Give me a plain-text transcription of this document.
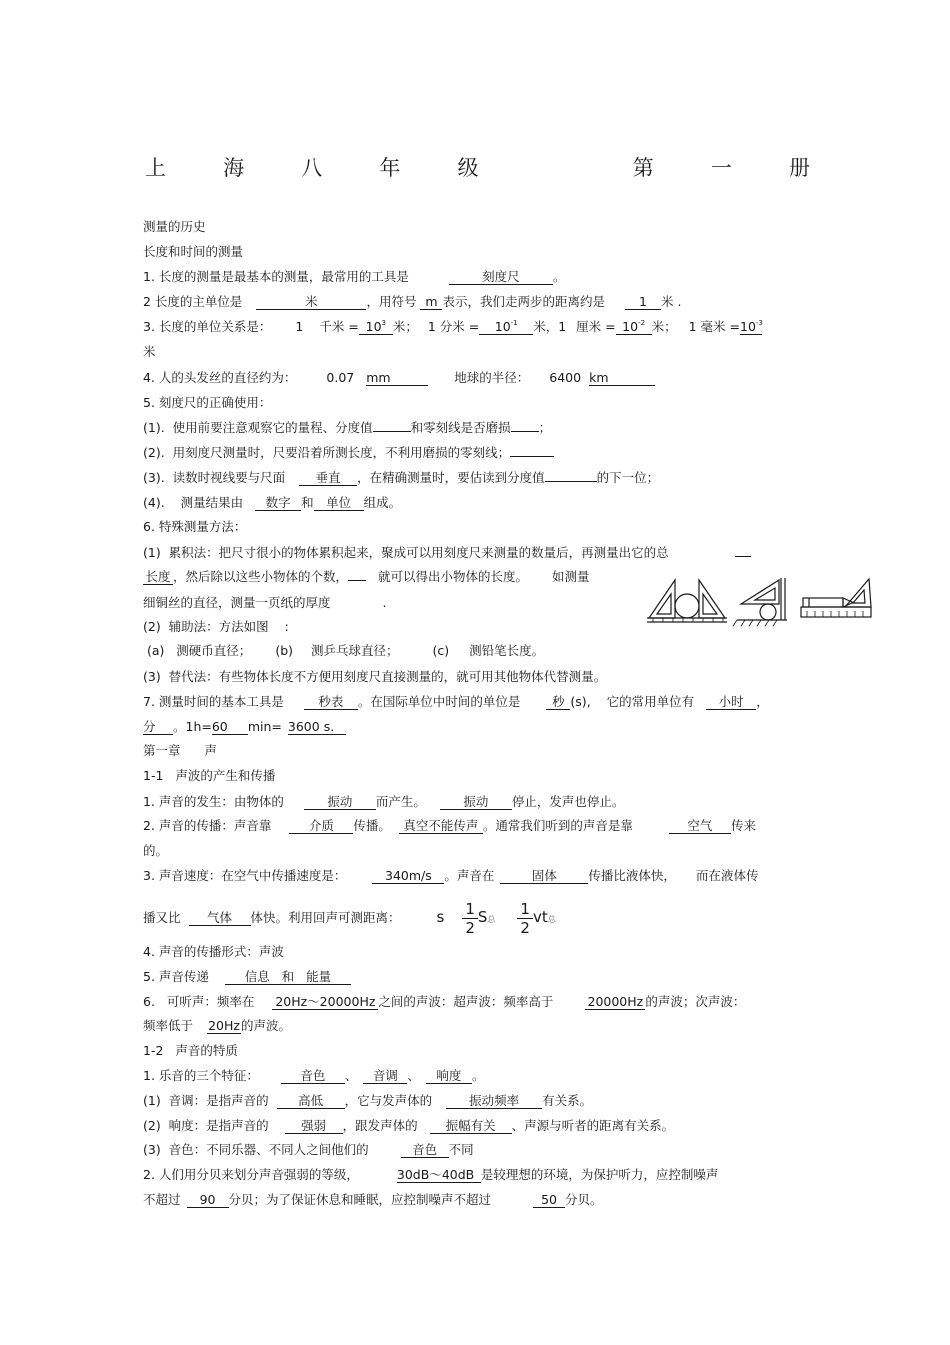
上	海	八	年	级	第	一	册
测量的历史
长度和时间的测量
1. 长度的测量是最基本的测量，最常用的工具是	刻度尺	。
2 长度的主单位是	米	，用符号 m 表示，我们走两步的距离约是	1 米 .
3. 长度的单位关系是： 1 千米 = $10^3$ 米； 1 分米 = $10^{-1}$ 米，1 厘米 = $10^{-2}$ 米； 1 毫米 $=10^{-3}$
米
4. 人的头发丝的直径约为： 0.07 mm	地球的半径： 6400 km
5. 刻度尺的正确使用：
(1).  使用前要注意观察它的量程、分度值	和零刻线是否磨损 ；
(2).  用刻度尺测量时，尺要沿着所测长度，不利用磨损的零刻线；
(3).  读数时视线要与尺面 垂直 ，在精确测量时，要估读到分度值	的下一位；
(4).    测量结果由 数字 和 单位 组成。
6. 特殊测量方法：
(1)  累积法：把尺寸很小的物体累积起来，聚成可以用刻度尺来测量的数量后，再测量出它的总
长度 ，然后除以这些小物体的个数， 就可以得出小物体的长度。 如测量
细铜丝的直径，测量一页纸的厚度	.
(2)  辅助法：方法如图    :
(a)   测硬币直径； (b) 测乒乓球直径；	(c) 测铅笔长度。
(3)  替代法：有些物体长度不方便用刻度尺直接测量的，就可用其他物体代替测量。
7. 测量时间的基本工具是	秒表 。在国际单位中时间的单位是	秒 (s), 它的常用单位有 小时 ，
分 。1h=60 min= 3600 s.
第一章      声
1-1   声波的产生和传播
1. 声音的发生：由物体的	振动 而产生。	振动 停止，发声也停止。
2. 声音的传播：声音靠	介质 传播。 真空不能传声 。通常我们听到的声音是靠	空气 传来
的。
3. 声音速度：在空气中传播速度是：	340m/s 。声音在	固体	传播比液体快， 而在液体传
播又比 气体 体快。利用回声可测距离： s $\frac{1}{2}$ S总 $\frac{1}{2}$ vt总
4. 声音的传播形式：声波
5. 声音传递	信息   和   能量
6.   可听声：频率在 20Hz～20000Hz 之间的声波：超声波：频率高于	20000Hz 的声波；次声波：
频率低于 20Hz的声波。
1-2   声音的特质
1. 乐音的三个特征：	音色 、 音调 、 响度 。
(1)  音调：是指声音的 高低 ，它与发声体的	振动频率 有关系。
(2)  响度：是指声音的	强弱 ，跟发声体的 振幅有关 、声源与听者的距离有关系。
(3)  音色：不同乐器、不同人之间他们的	音色 不同
2. 人们用分贝来划分声音强弱的等级，	30dB～40dB 是较理想的环境，为保护听力，应控制噪声
不超过 90 分贝；为了保证休息和睡眠，应控制噪声不超过	50 分贝。
